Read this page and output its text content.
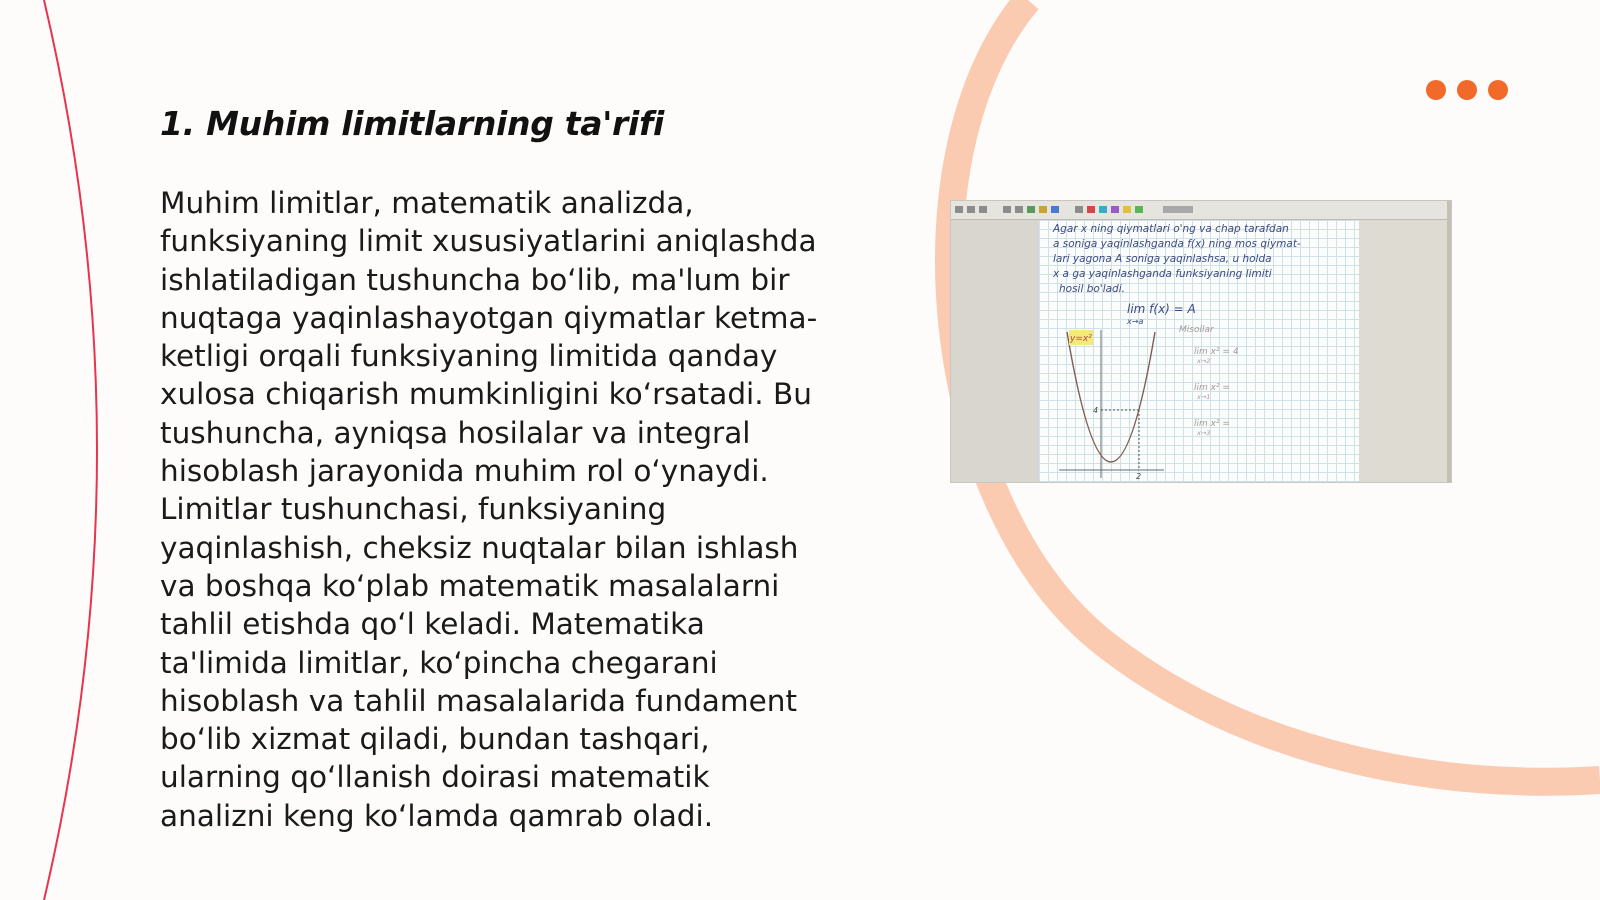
1. Muhim limitlarning ta'rifi

Muhim limitlar, matematik analizda, funksiyaning limit xususiyatlarini aniqlashda ishlatiladigan tushuncha bo‘lib, ma'lum bir nuqtaga yaqinlashayotgan qiymatlar ketma-ketligi orqali funksiyaning limitida qanday xulosa chiqarish mumkinligini ko‘rsatadi. Bu tushuncha, ayniqsa hosilalar va integral hisoblash jarayonida muhim rol o‘ynaydi. Limitlar tushunchasi, funksiyaning yaqinlashish, cheksiz nuqtalar bilan ishlash va boshqa ko‘plab matematik masalalarni tahlil etishda qo‘l keladi. Matematika ta'limida limitlar, ko‘pincha chegarani hisoblash va tahlil masalalarida fundament bo‘lib xizmat qiladi, bundan tashqari, ularning qo‘llanish doirasi matematik analizni keng ko‘lamda qamrab oladi.

Agar x ning qiymatlari o'ng va chap tarafdan
a soniga yaqinlashganda f(x) ning mos qiymat-
lari yagona A soniga yaqinlashsa, u holda
x a ga yaqinlashganda funksiyaning limiti
hosil bo'ladi.
lim f(x) = A
x→a
y=x²
4
2
Misollar
lim x² = 4
x→2
lim x² =
x→1
lim x² =
x→3
